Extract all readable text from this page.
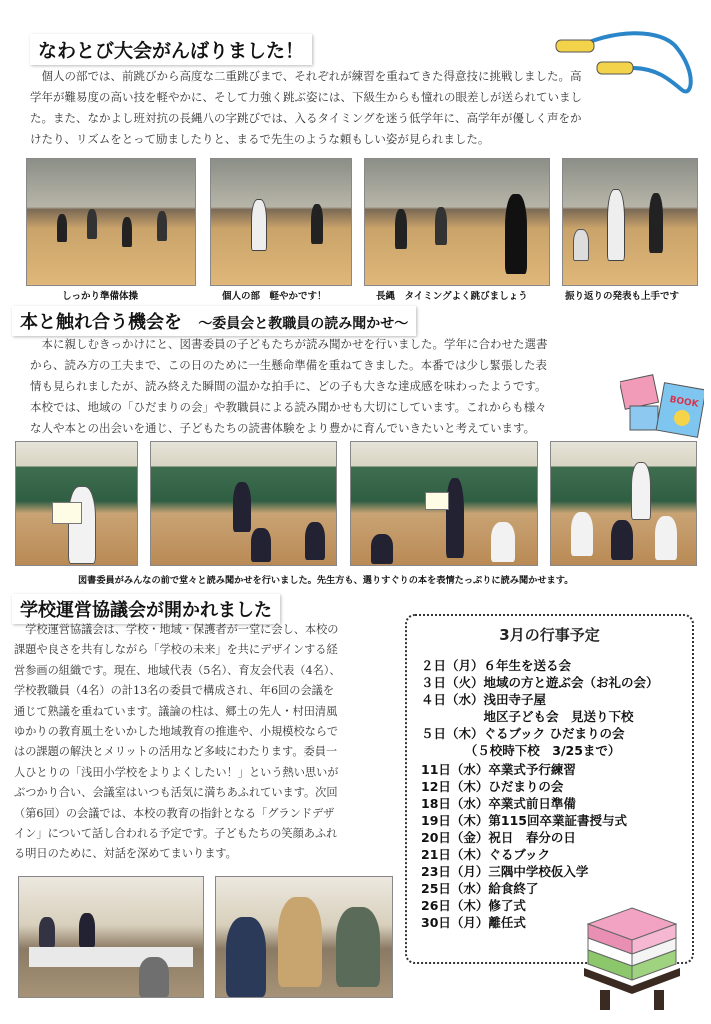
なわとび大会がんばりました！
　個人の部では、前跳びから高度な二重跳びまで、それぞれが練習を重ねてきた得意技に挑戦しました。高
学年が難易度の高い技を軽やかに、そして力強く跳ぶ姿には、下級生からも憧れの眼差しが送られていまし
た。また、なかよし班対抗の長縄八の字跳びでは、入るタイミングを迷う低学年に、高学年が優しく声をか
けたり、リズムをとって励ましたりと、まるで先生のような頼もしい姿が見られました。
しっかり準備体操	個人の部　軽やかです！	長縄　タイミングよく跳びましょう	振り返りの発表も上手です
本と触れ合う機会を ～委員会と教職員の読み聞かせ～
　本に親しむきっかけにと、図書委員の子どもたちが読み聞かせを行いました。学年に合わせた選書
から、読み方の工夫まで、この日のために一生懸命準備を重ねてきました。本番では少し緊張した表
情も見られましたが、読み終えた瞬間の温かな拍手に、どの子も大きな達成感を味わったようです。
本校では、地域の「ひだまりの会」や教職員による読み聞かせも大切にしています。これからも様々
な人や本との出会いを通じ、子どもたちの読書体験をより豊かに育んでいきたいと考えています。
BOOK
図書委員がみんなの前で堂々と読み聞かせを行いました。先生方も、選りすぐりの本を表情たっぷりに読み聞かせます。
学校運営協議会が開かれました
　学校運営協議会は、学校・地域・保護者が一堂に会し、本校の
課題や良さを共有しながら「学校の未来」を共にデザインする経
営参画の組織です。現在、地域代表（5名）、育友会代表（4名）、
学校教職員（4名）の計13名の委員で構成され、年6回の会議を
通じて熟議を重ねています。議論の柱は、郷土の先人・村田清風
ゆかりの教育風土をいかした地域教育の推進や、小規模校ならで
はの課題の解決とメリットの活用など多岐にわたります。委員一
人ひとりの「浅田小学校をよりよくしたい！」という熱い思いが
ぶつかり合い、会議室はいつも活気に満ちあふれています。次回
（第6回）の会議では、本校の教育の指針となる「グランドデザ
イン」について話し合われる予定です。子どもたちの笑顔あふれ
る明日のために、対話を深めてまいります。
3月の行事予定
２日（月）６年生を送る会
３日（火）地域の方と遊ぶ会（お礼の会）
４日（水）浅田寺子屋
　　　　　地区子ども会　見送り下校
５日（木）ぐるブック ひだまりの会
　　　　（５校時下校　3/25まで）
11日（水）卒業式予行練習
12日（木）ひだまりの会
18日（水）卒業式前日準備
19日（木）第115回卒業証書授与式
20日（金）祝日　春分の日
21日（木）ぐるブック
23日（月）三隅中学校仮入学
25日（水）給食終了
26日（木）修了式
30日（月）離任式
